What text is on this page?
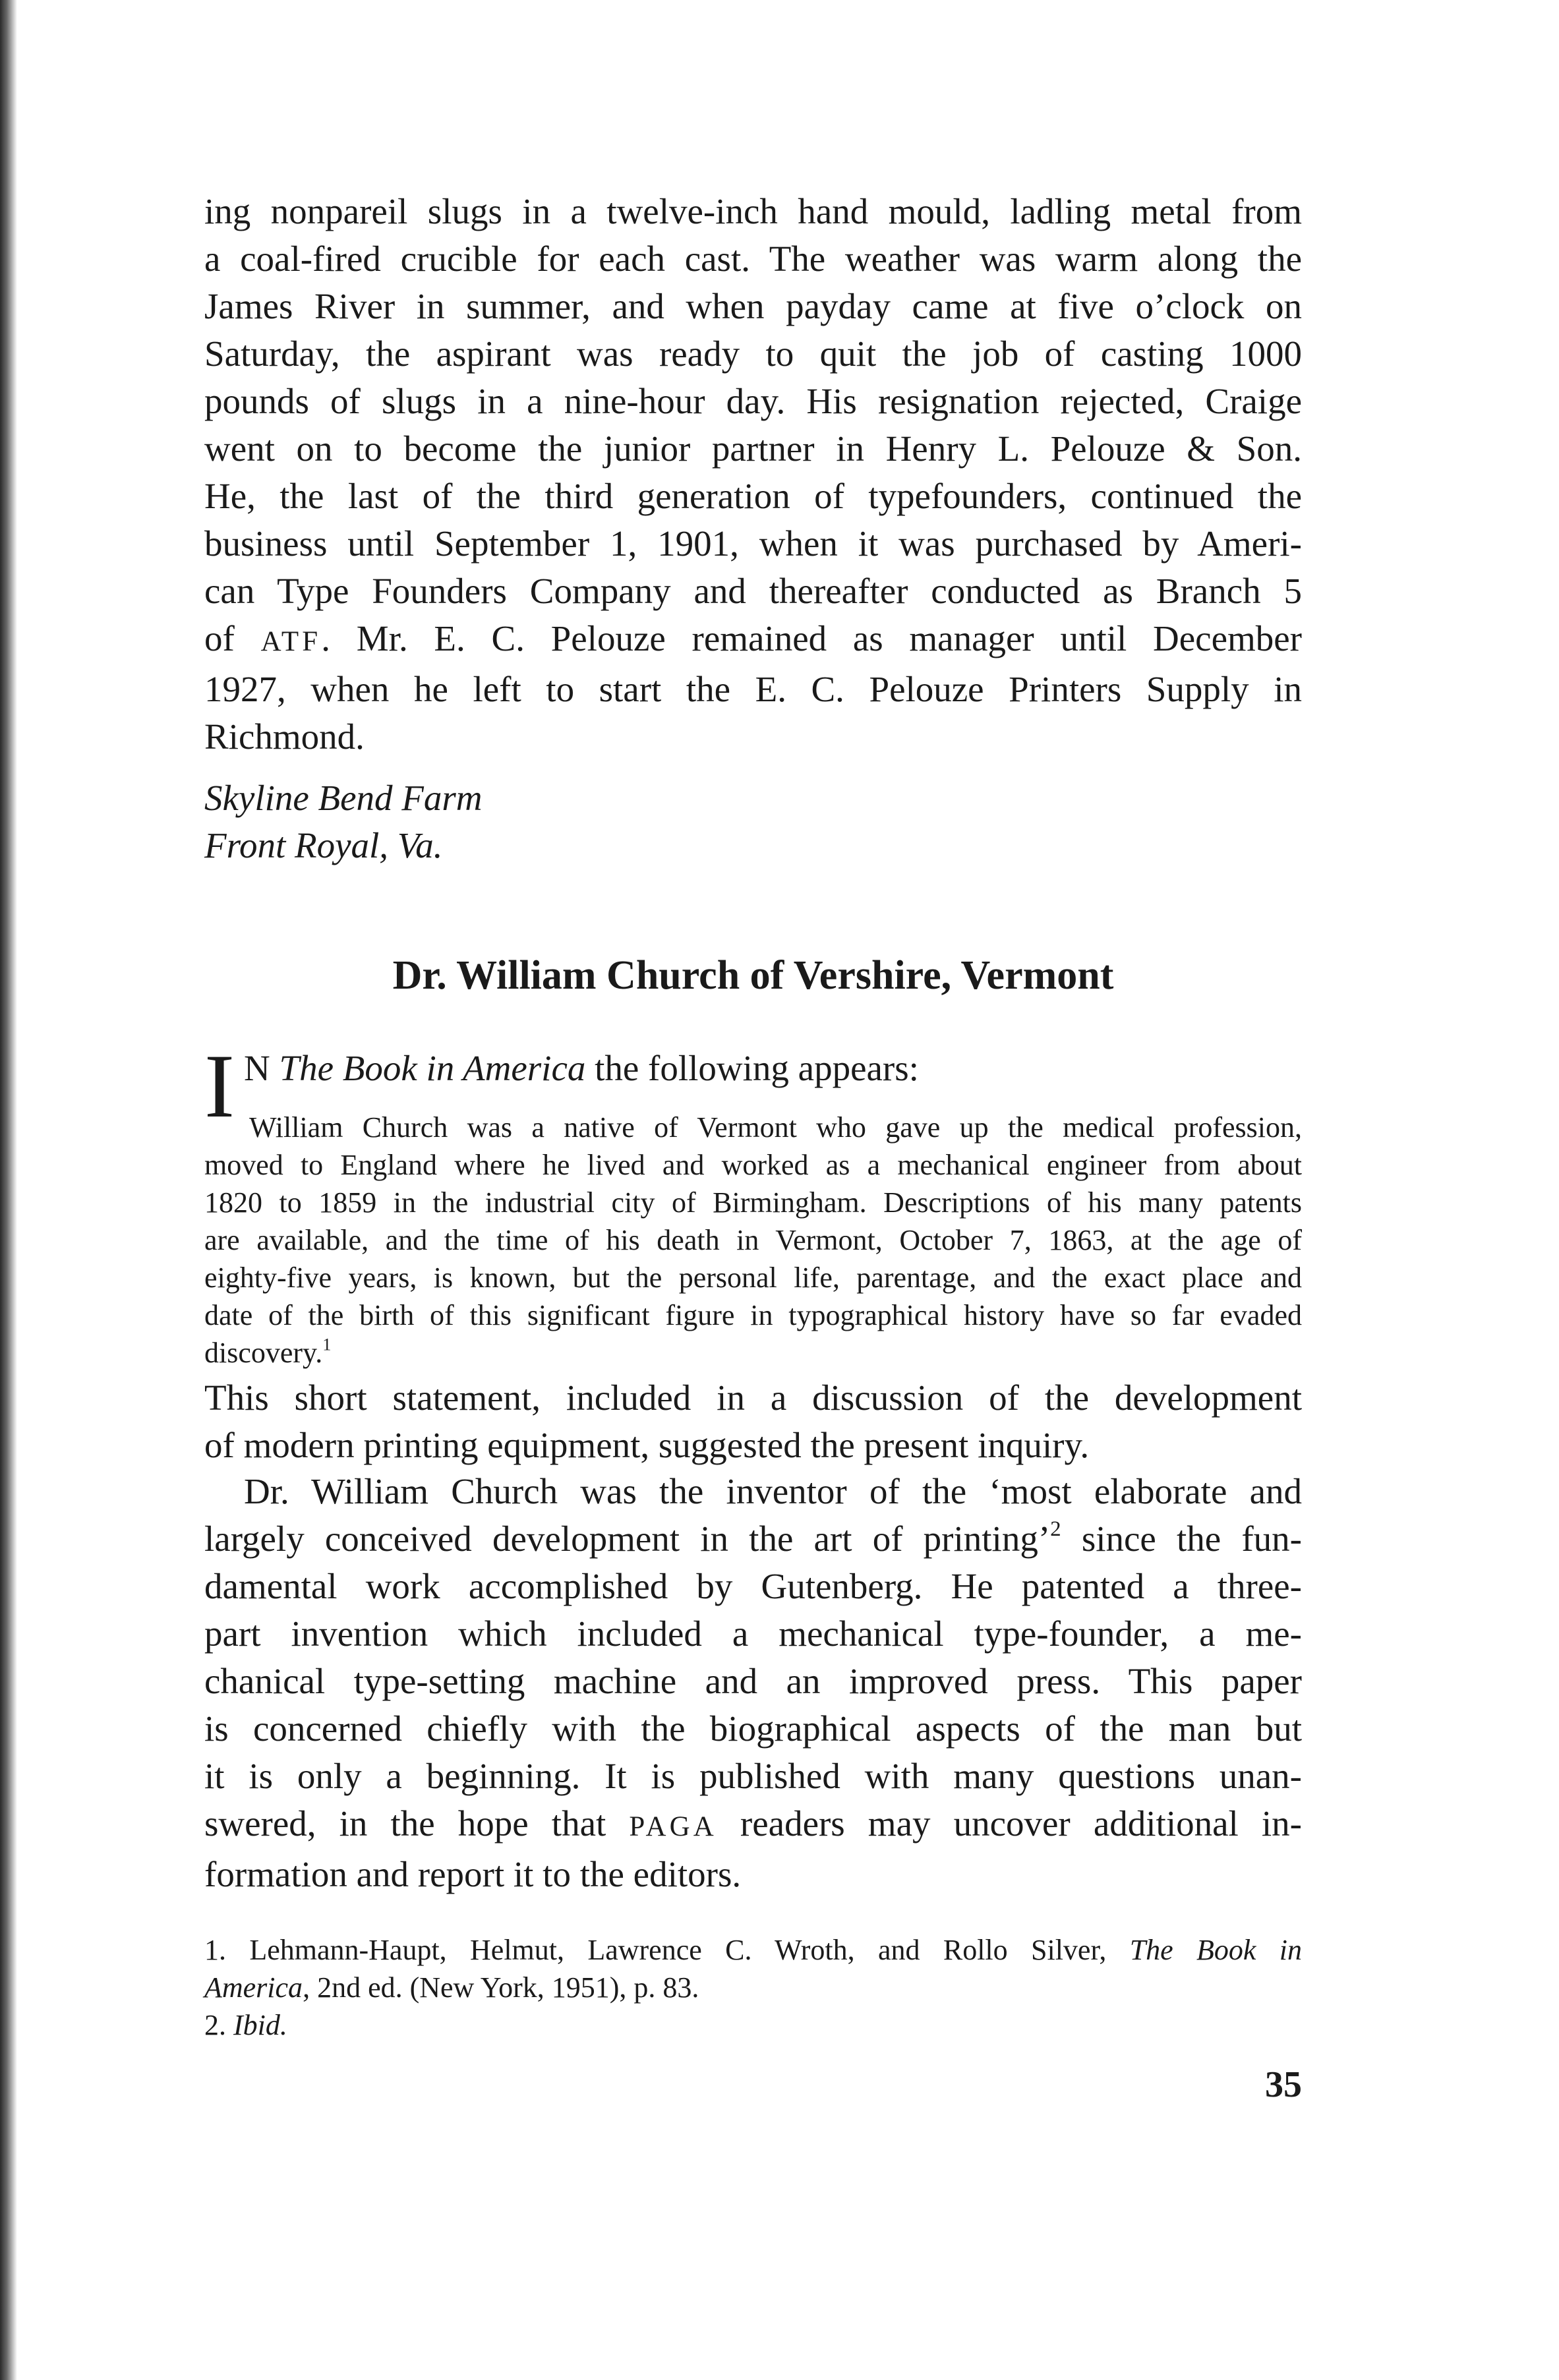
ing nonpareil slugs in a twelve-inch hand mould, ladling metal from
a coal-fired crucible for each cast. The weather was warm along the
James River in summer, and when payday came at five o’clock on
Saturday, the aspirant was ready to quit the job of casting 1000
pounds of slugs in a nine-hour day. His resignation rejected, Craige
went on to become the junior partner in Henry L. Pelouze & Son.
He, the last of the third generation of typefounders, continued the
business until September 1, 1901, when it was purchased by Ameri-
can Type Founders Company and thereafter conducted as Branch 5
of ATF. Mr. E. C. Pelouze remained as manager until December
1927, when he left to start the E. C. Pelouze Printers Supply in
Richmond.

Skyline Bend Farm

Front Royal, Va.

Dr. William Church of Vershire, Vermont
I N The Book in America the following appears:
William Church was a native of Vermont who gave up the medical profession,
moved to England where he lived and worked as a mechanical engineer from about
1820 to 1859 in the industrial city of Birmingham. Descriptions of his many patents
are available, and the time of his death in Vermont, October 7, 1863, at the age of
eighty-five years, is known, but the personal life, parentage, and the exact place and
date of the birth of this significant figure in typographical history have so far evaded
discovery.$^1$

This short statement, included in a discussion of the development
of modern printing equipment, suggested the present inquiry.

Dr. William Church was the inventor of the ‘most elaborate and
largely conceived development in the art of printing’$^2$ since the fun-
damental work accomplished by Gutenberg. He patented a three-
part invention which included a mechanical type-founder, a me-
chanical type-setting machine and an improved press. This paper
is concerned chiefly with the biographical aspects of the man but
it is only a beginning. It is published with many questions unan-
swered, in the hope that PAGA readers may uncover additional in-
formation and report it to the editors.

1. Lehmann-Haupt, Helmut, Lawrence C. Wroth, and Rollo Silver, The Book in
America, 2nd ed. (New York, 1951), p. 83.
2. Ibid.
35
